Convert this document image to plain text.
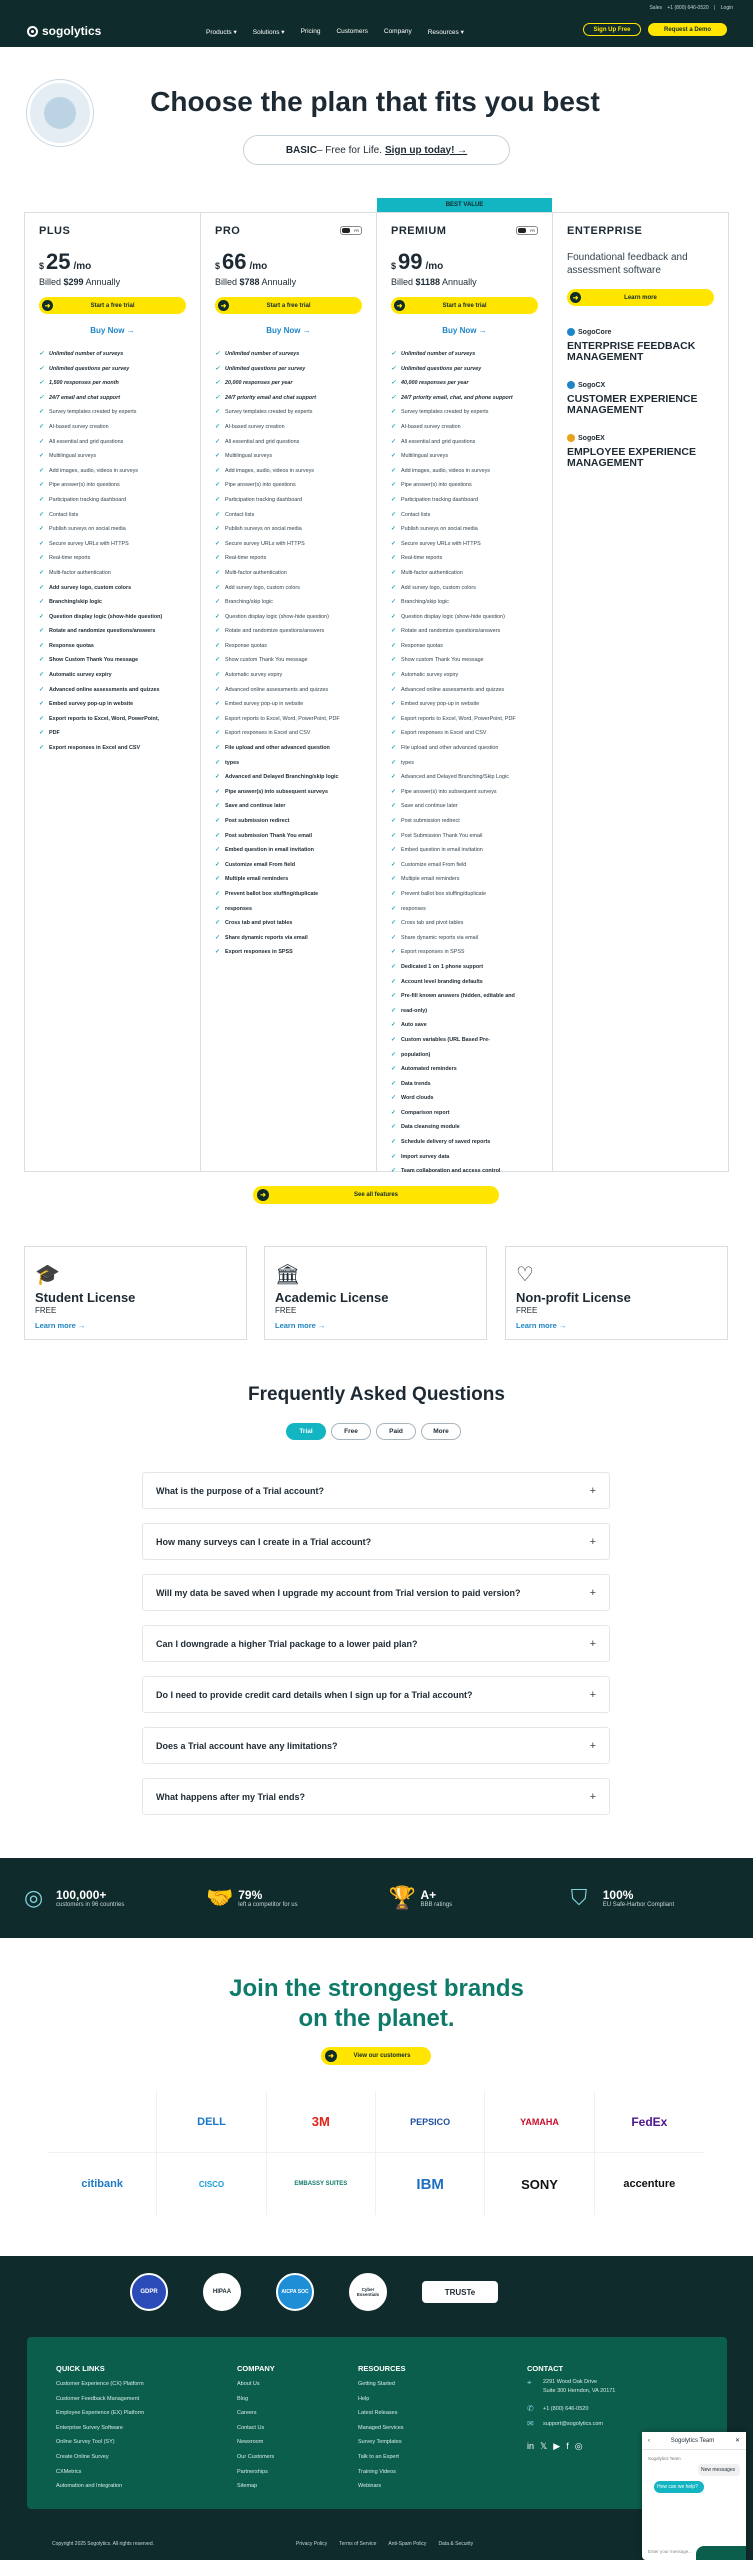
Sales +1 (800) 646-0520 | Login
sogolytics	Products ▾ Solutions ▾ Pricing Customers Company Resources ▾	Sign Up Free	Request a Demo
Choose the plan that fits you best
BASIC – Free for Life. Sign up today! →
BEST VALUE
PLUS
$ 25 /mo
Billed $299 Annually
➜	Start a free trial
Buy Now →
✓ Unlimited number of surveys
✓ Unlimited questions per survey
✓ 1,500 responses per month
✓ 24/7 email and chat support
✓ Survey templates created by experts
✓ AI-based survey creation
✓ All essential and grid questions
✓ Multilingual surveys
✓ Add images, audio, videos in surveys
✓ Pipe answer(s) into questions
✓ Participation tracking dashboard
✓ Contact lists
✓ Publish surveys on social media
✓ Secure survey URLs with HTTPS
✓ Real-time reports
✓ Multi-factor authentication
✓ Add survey logo, custom colors
✓ Branching/skip logic
✓ Question display logic (show-hide question)
✓ Rotate and randomize questions/answers
✓ Response quotas
✓ Show Custom Thank You message
✓ Automatic survey expiry
✓ Advanced online assessments and quizzes
✓ Embed survey pop-up in website
✓ Export reports to Excel, Word, PowerPoint,
✓ PDF
✓ Export responses in Excel and CSV
PRO	YR
$ 66 /mo
Billed $788 Annually
➜	Start a free trial
Buy Now →
✓ Unlimited number of surveys
✓ Unlimited questions per survey
✓ 20,000 responses per year
✓ 24/7 priority email and chat support
✓ Survey templates created by experts
✓ AI-based survey creation
✓ All essential and grid questions
✓ Multilingual surveys
✓ Add images, audio, videos in surveys
✓ Pipe answer(s) into questions
✓ Participation tracking dashboard
✓ Contact lists
✓ Publish surveys on social media
✓ Secure survey URLs with HTTPS
✓ Real-time reports
✓ Multi-factor authentication
✓ Add survey logo, custom colors
✓ Branching/skip logic
✓ Question display logic (show-hide question)
✓ Rotate and randomize questions/answers
✓ Response quotas
✓ Show custom Thank You message
✓ Automatic survey expiry
✓ Advanced online assessments and quizzes
✓ Embed survey pop-up in website
✓ Export reports to Excel, Word, PowerPoint, PDF
✓ Export responses in Excel and CSV
✓ File upload and other advanced question
✓ types
✓ Advanced and Delayed Branching/skip logic
✓ Pipe answer(s) into subsequent surveys
✓ Save and continue later
✓ Post submission redirect
✓ Post submission Thank You email
✓ Embed question in email invitation
✓ Customize email From field
✓ Multiple email reminders
✓ Prevent ballot box stuffing/duplicate
✓ responses
✓ Cross tab and pivot tables
✓ Share dynamic reports via email
✓ Export responses in SPSS
PREMIUM	YR
$ 99 /mo
Billed $1188 Annually
➜	Start a free trial
Buy Now →
✓ Unlimited number of surveys
✓ Unlimited questions per survey
✓ 40,000 responses per year
✓ 24/7 priority email, chat, and phone support
✓ Survey templates created by experts
✓ AI-based survey creation
✓ All essential and grid questions
✓ Multilingual surveys
✓ Add images, audio, videos in surveys
✓ Pipe answer(s) into questions
✓ Participation tracking dashboard
✓ Contact lists
✓ Publish surveys on social media
✓ Secure survey URLs with HTTPS
✓ Real-time reports
✓ Multi-factor authentication
✓ Add survey logo, custom colors
✓ Branching/skip logic
✓ Question display logic (show-hide question)
✓ Rotate and randomize questions/answers
✓ Response quotas
✓ Show custom Thank You message
✓ Automatic survey expiry
✓ Advanced online assessments and quizzes
✓ Embed survey pop-up in website
✓ Export reports to Excel, Word, PowerPoint, PDF
✓ Export responses in Excel and CSV
✓ File upload and other advanced question
✓ types
✓ Advanced and Delayed Branching/Skip Logic
✓ Pipe answer(s) into subsequent surveys
✓ Save and continue later
✓ Post submission redirect
✓ Post Submission Thank You email
✓ Embed question in email invitation
✓ Customize email From field
✓ Multiple email reminders
✓ Prevent ballot box stuffing/duplicate
✓ responses
✓ Cross tab and pivot tables
✓ Share dynamic reports via email
✓ Export responses in SPSS
✓ Dedicated 1 on 1 phone support
✓ Account level branding defaults
✓ Pre-fill known answers (hidden, editable and
✓ read-only)
✓ Auto save
✓ Custom variables (URL Based Pre-
✓ population)
✓ Automated reminders
✓ Data trends
✓ Word clouds
✓ Comparison report
✓ Data cleansing module
✓ Schedule delivery of saved reports
✓ Import survey data
✓ Team collaboration and access control
ENTERPRISE
Foundational feedback and assessment software
➜	Learn more
SogoCore
ENTERPRISE FEEDBACK MANAGEMENT
SogoCX
CUSTOMER EXPERIENCE MANAGEMENT
SogoEX
EMPLOYEE EXPERIENCE MANAGEMENT
➜	See all features
🎓
Student License
FREE
Learn more →
🏛
Academic License
FREE
Learn more →
♡
Non-profit License
FREE
Learn more →
Frequently Asked Questions
Trial	Free	Paid	More
What is the purpose of a Trial account?	+
How many surveys can I create in a Trial account?	+
Will my data be saved when I upgrade my account from Trial version to paid version?	+
Can I downgrade a higher Trial package to a lower paid plan?	+
Do I need to provide credit card details when I sign up for a Trial account?	+
Does a Trial account have any limitations?	+
What happens after my Trial ends?	+
◎	100,000+
customers in 96 countries	🤝 79%
left a competitor for us	🏆 A+
BBB ratings	⛉	100%
EU Safe-Harbor Compliant
Join the strongest brands
on the planet.
➜	View our customers
DELL	3M	PEPSICO	YAMAHA	FedEx
citibank	CISCO	EMBASSY SUITES	IBM	SONY	accenture
GDPR	HIPAA	AICPA SOC	Cyber Essentials	TRUSTe
QUICK LINKS
Customer Experience (CX) Platform
Customer Feedback Management
Employee Experience (EX) Platform
Enterprise Survey Software
Online Survey Tool (SY)
Create Online Survey
CXMetrics
Automation and Integration
COMPANY
About Us
Blog
Careers
Contact Us
Newsroom
Our Customers
Partnerships
Sitemap
RESOURCES
Getting Started
Help
Latest Releases
Managed Services
Survey Templates
Talk to an Expert
Training Videos
Webinars
CONTACT
⌖	2291 Wood Oak Drive
Suite 300 Herndon, VA 20171
✆	+1 (800) 646-0520
✉	support@sogolytics.com
in 𝕏 ▶ f ◎
Copyright 2025 Sogolytics. All rights reserved.	Privacy Policy Terms of Service Anti-Spam Policy Data & Security
‹	Sogolytics Team	✕
Sogolytics Team
New messages
How can we help?
Enter your message...
